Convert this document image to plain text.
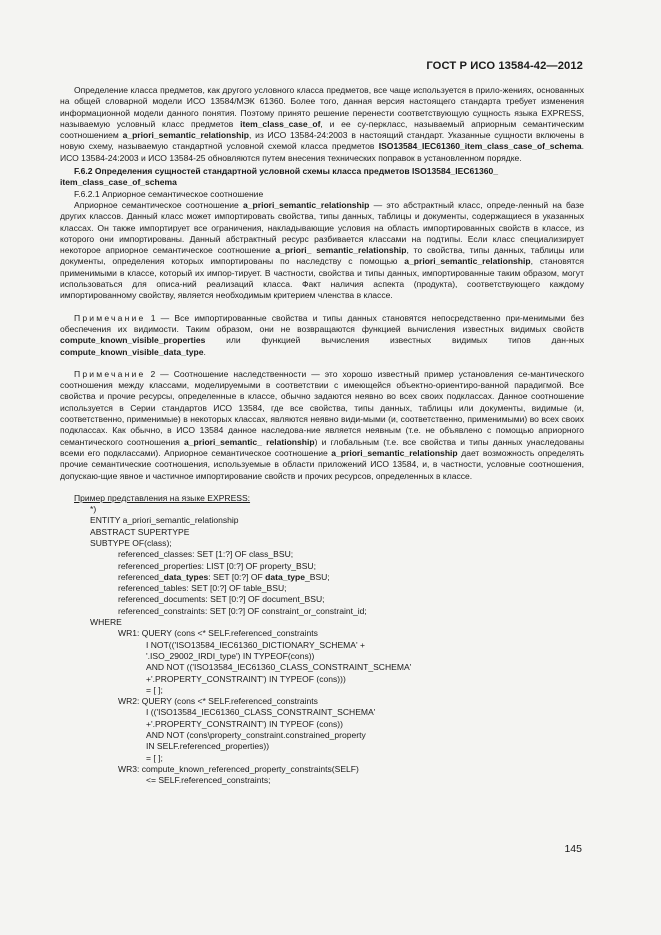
ГОСТ Р ИСО 13584-42—2012

Определение класса предметов, как другого условного класса предметов, все чаще используется в прило-жениях, основанных на общей словарной модели ИСО 13584/МЭК 61360. Более того, данная версия настоящего стандарта требует изменения информационной модели данного понятия. Поэтому принято решение перенести соответствующую сущность языка EXPRESS, называемую условный класс предметов item_class_case_of, и ее су-перкласс, называемый априорным семантическим соотношением a_priori_semantic_relationship, из ИСО 13584-24:2003 в настоящий стандарт. Указанные сущности включены в новую схему, называемую стандартной условной схемой класса предметов ISO13584_IEC61360_item_class_case_of_schema. ИСО 13584-24:2003 и ИСО 13584-25 обновляются путем внесения технических поправок в установленном порядке.

F.6.2 Определения сущностей стандартной условной схемы класса предметов ISO13584_IEC61360_ item_class_case_of_schema

F.6.2.1 Априорное семантическое соотношение

Априорное семантическое соотношение a_priori_semantic_relationship — это абстрактный класс, опреде-ленный на базе других классов. Данный класс может импортировать свойства, типы данных, таблицы и документы, содержащиеся в указанных классах. Он также импортирует все ограничения, накладывающие условия на область импортированных свойств в классе, из которого они импортированы. Данный абстрактный ресурс разбивается классами на подтипы. Если класс специализирует некоторое априорное семантическое соотношение a_priori_ semantic_relationship, то свойства, типы данных, таблицы или документы, определения которых импортированы по наследству с помощью a_priori_semantic_relationship, становятся применимыми в классе, который их импор-тирует. В частности, свойства и типы данных, импортированные таким образом, могут использоваться для описа-ний реализаций класса. Факт наличия аспекта (продукта), соответствующего каждому импортированному свойству, является необходимым критерием членства в классе.

Примечание 1 — Все импортированные свойства и типы данных становятся непосредственно при-менимыми без обеспечения их видимости. Таким образом, они не возвращаются функцией вычисления известных видимых свойств compute_known_visible_properties или функцией вычисления известных видимых типов дан-ных compute_known_visible_data_type.

Примечание 2 — Соотношение наследственности — это хорошо известный пример установления се-мантического соотношения между классами, моделируемыми в соответствии с имеющейся объектно-ориентиро-ванной парадигмой. Все свойства и прочие ресурсы, определенные в классе, обычно задаются неявно во всех своих подклассах. Данное соотношение используется в Серии стандартов ИСО 13584, где все свойства, типы данных, таблицы или документы, видимые (и, соответственно, применимые) в некоторых классах, являются неявно види-мыми (и, соответственно, применимыми) во всех своих подклассах. Как обычно, в ИСО 13584 данное наследова-ние является неявным (т.е. не объявлено с помощью априорного семантического соотношения a_priori_semantic_ relationship) и глобальным (т.е. все свойства и типы данных унаследованы всеми его подклассами). Априорное семантическое соотношение a_priori_semantic_relationship дает возможность определять прочие семантические соотношения, используемые в области приложений ИСО 13584, и, в частности, условные соотношения, допускаю-щие явное и частичное импортирование свойств и прочих ресурсов, определенных в классе.

Пример представления на языке EXPRESS:

*)
ENTITY a_priori_semantic_relationship
ABSTRACT SUPERTYPE
SUBTYPE OF(class);
referenced_classes: SET [1:?] OF class_BSU;
referenced_properties: LIST [0:?] OF property_BSU;
referenced_data_types: SET [0:?] OF data_type_BSU;
referenced_tables: SET [0:?] OF table_BSU;
referenced_documents: SET [0:?] OF document_BSU;
referenced_constraints: SET [0:?] OF constraint_or_constraint_id;
WHERE
WR1: QUERY (cons <* SELF.referenced_constraints
I NOT(('ISO13584_IEC61360_DICTIONARY_SCHEMA' +
'.ISO_29002_IRDI_type') IN TYPEOF(cons))
AND NOT (('ISO13584_IEC61360_CLASS_CONSTRAINT_SCHEMA'
+'.PROPERTY_CONSTRAINT') IN TYPEOF (cons)))
= [ ];
WR2: QUERY (cons <* SELF.referenced_constraints
I (('ISO13584_IEC61360_CLASS_CONSTRAINT_SCHEMA'
+'.PROPERTY_CONSTRAINT') IN TYPEOF (cons))
AND NOT (cons\property_constraint.constrained_property
IN SELF.referenced_properties))
= [ ];
WR3: compute_known_referenced_property_constraints(SELF)
<= SELF.referenced_constraints;
145
